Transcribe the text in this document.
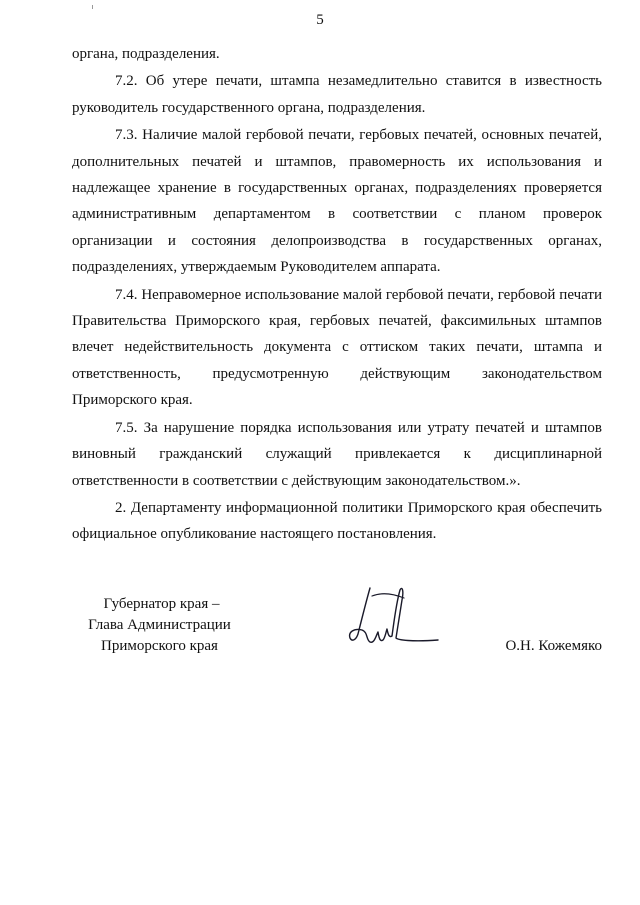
5

органа, подразделения.

7.2. Об утере печати, штампа незамедлительно ставится в известность руководитель государственного органа, подразделения.

7.3. Наличие малой гербовой печати, гербовых печатей, основных печатей, дополнительных печатей и штампов, правомерность их использования и надлежащее хранение в государственных органах, подразделениях проверяется административным департаментом в соответствии с планом проверок организации и состояния делопроизводства в государственных органах, подразделениях, утверждаемым Руководителем аппарата.

7.4. Неправомерное использование малой гербовой печати, гербовой печати Правительства Приморского края, гербовых печатей, факсимильных штампов влечет недействительность документа с оттиском таких печати, штампа и ответственность, предусмотренную действующим законодательством Приморского края.

7.5. За нарушение порядка использования или утрату печатей и штампов виновный гражданский служащий привлекается к дисциплинарной ответственности в соответствии с действующим законодательством.».

2. Департаменту информационной политики Приморского края обеспечить официальное опубликование настоящего постановления.

Губернатор края –
Глава Администрации
Приморского края	О.Н. Кожемяко
